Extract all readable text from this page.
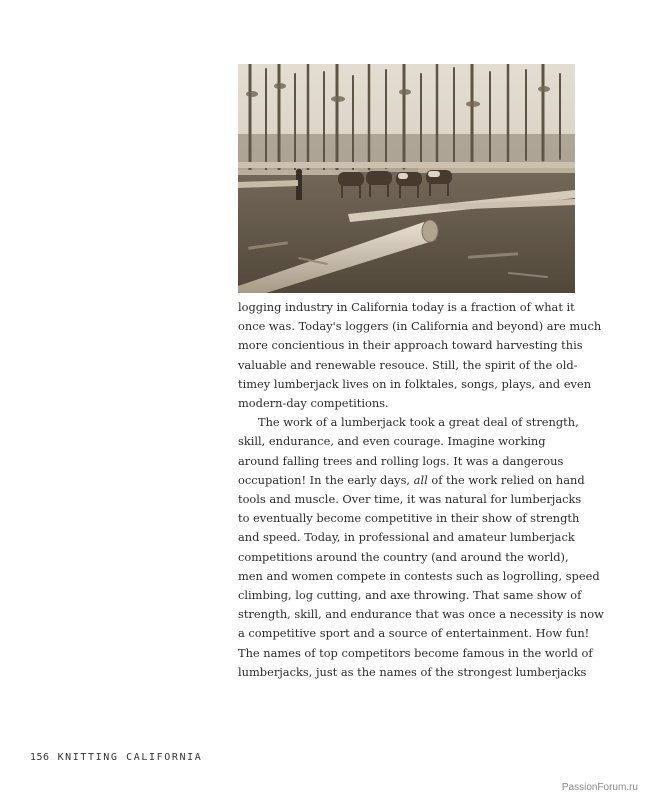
logging industry in California today is a fraction of what it

once was. Today's loggers (in California and beyond) are much

more concientious in their approach toward harvesting this

valuable and renewable resouce. Still, the spirit of the old-

timey lumberjack lives on in folktales, songs, plays, and even

modern-day competitions.

The work of a lumberjack took a great deal of strength,

skill, endurance, and even courage. Imagine working

around falling trees and rolling logs. It was a dangerous

occupation! In the early days, all of the work relied on hand

tools and muscle. Over time, it was natural for lumberjacks

to eventually become competitive in their show of strength

and speed. Today, in professional and amateur lumberjack

competitions around the country (and around the world),

men and women compete in contests such as logrolling, speed

climbing, log cutting, and axe throwing. That same show of

strength, skill, and endurance that was once a necessity is now

a competitive sport and a source of entertainment. How fun!

The names of top competitors become famous in the world of

lumberjacks, just as the names of the strongest lumberjacks

156 KNITTING CALIFORNIA
PassionForum.ru
